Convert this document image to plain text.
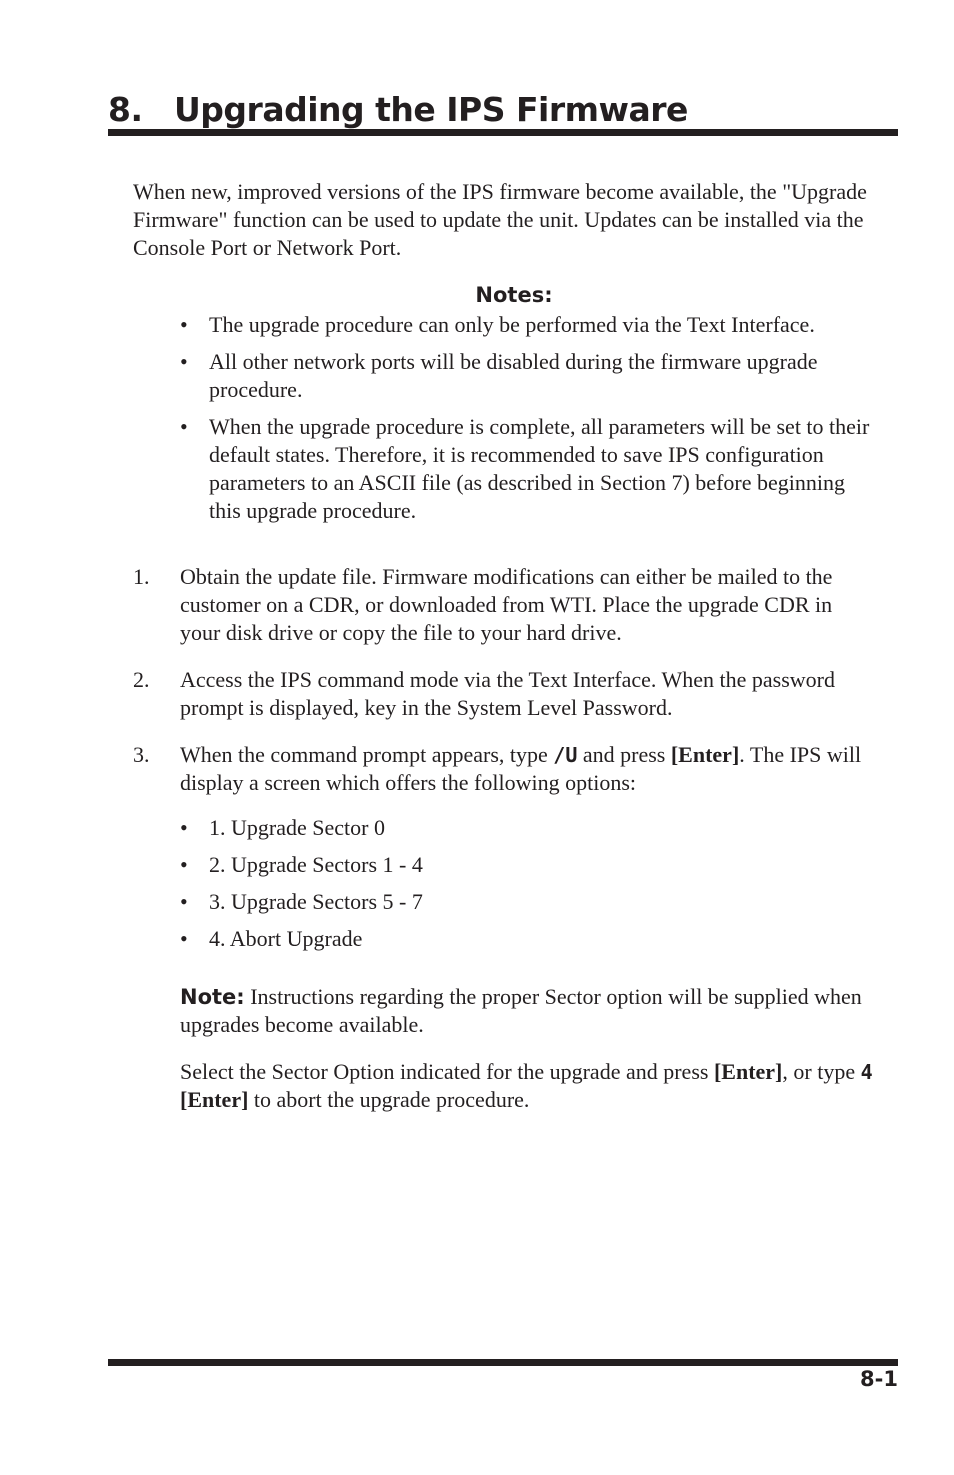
8. Upgrading the IPS Firmware

When new, improved versions of the IPS firmware become available, the "Upgrade Firmware" function can be used to update the unit. Updates can be installed via the Console Port or Network Port.

Notes:
• The upgrade procedure can only be performed via the Text Interface.
• All other network ports will be disabled during the firmware upgrade procedure.
• When the upgrade procedure is complete, all parameters will be set to their default states. Therefore, it is recommended to save IPS configuration parameters to an ASCII file (as described in Section 7) before beginning this upgrade procedure.
1. Obtain the update file. Firmware modifications can either be mailed to the customer on a CDR, or downloaded from WTI. Place the upgrade CDR in your disk drive or copy the file to your hard drive.
2. Access the IPS command mode via the Text Interface. When the password prompt is displayed, key in the System Level Password.
3. When the command prompt appears, type /U and press [Enter]. The IPS will display a screen which offers the following options:
• 1. Upgrade Sector 0
• 2. Upgrade Sectors 1 - 4
• 3. Upgrade Sectors 5 - 7
• 4. Abort Upgrade

Note: Instructions regarding the proper Sector option will be supplied when upgrades become available.

Select the Sector Option indicated for the upgrade and press [Enter], or type 4 [Enter] to abort the upgrade procedure.

8-1
